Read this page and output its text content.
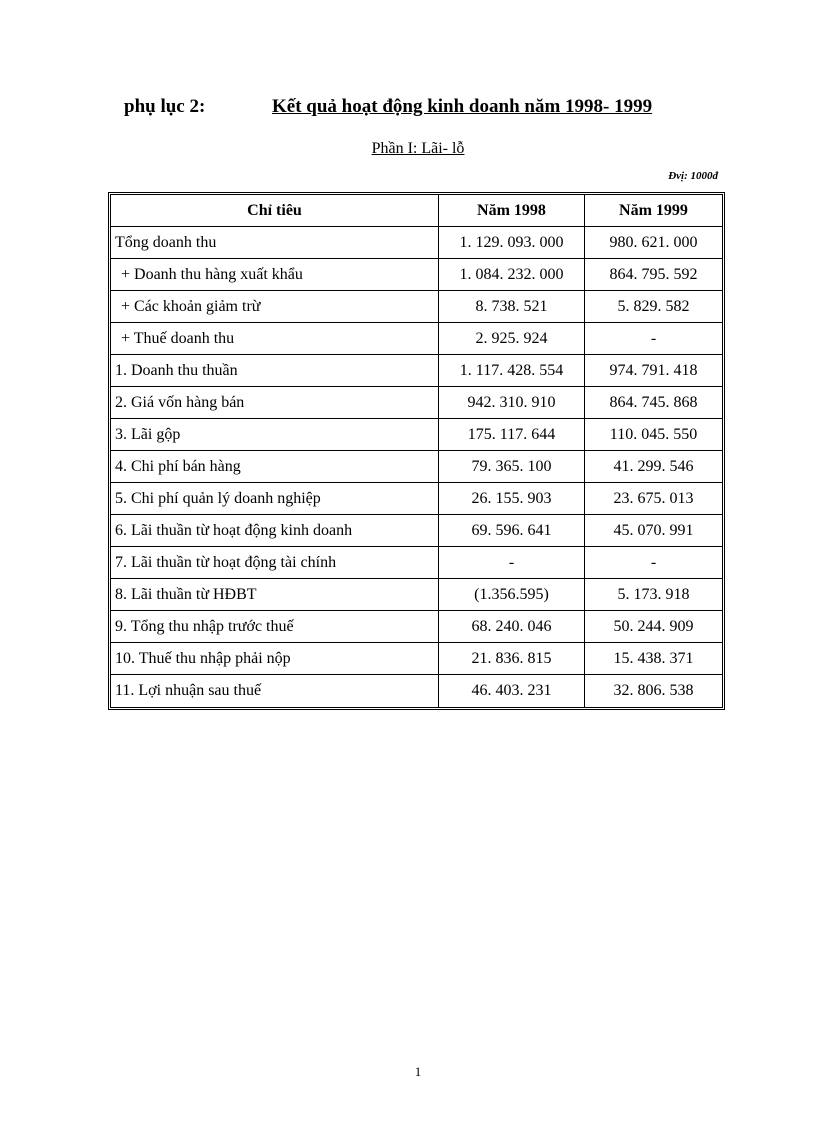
phụ lục 2:	Kết quả hoạt động kinh doanh năm 1998- 1999
Phần I: Lãi- lỗ
Đvị: 1000đ
Chỉ tiêu	Năm 1998	Năm 1999
Tổng doanh thu	1. 129. 093. 000	980. 621. 000
+ Doanh thu hàng xuất khẩu	1. 084. 232. 000	864. 795. 592
+ Các khoản giảm trừ	8. 738. 521	5. 829. 582
+ Thuế doanh thu	2. 925. 924	-
1. Doanh thu thuần	1. 117. 428. 554	974. 791. 418
2. Giá vốn hàng bán	942. 310. 910	864. 745. 868
3. Lãi gộp	175. 117. 644	110. 045. 550
4. Chi phí bán hàng	79. 365. 100	41. 299. 546
5. Chi phí quản lý doanh nghiệp	26. 155. 903	23. 675. 013
6. Lãi thuần từ hoạt động kinh doanh	69. 596. 641	45. 070. 991
7. Lãi thuần từ hoạt động tài chính	-	-
8. Lãi thuần từ HĐBT	(1.356.595)	5. 173. 918
9. Tổng thu nhập trước thuế	68. 240. 046	50. 244. 909
10. Thuế thu nhập phải nộp	21. 836. 815	15. 438. 371
11. Lợi nhuận sau thuế	46. 403. 231	32. 806. 538
1
